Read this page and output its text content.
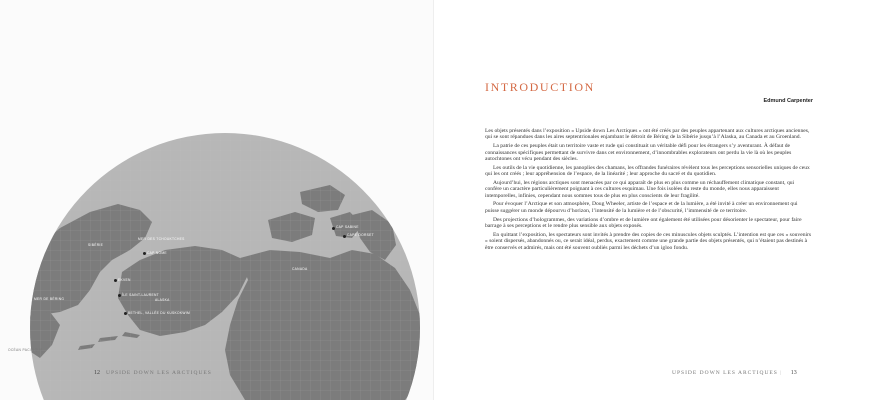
SIBÉRIE
MER DES TCHOUKTCHES
CAP NOME
EKVEN
ÎLE SAINT-LAURENT
MER DE BÉRING	ALASKA
BETHEL, VALLÉE DU KUSKOKWIM
CANADA
CAP SABINE
CAPE DORSET
OCÉAN PACIFIQUE
12 UPSIDE DOWN LES ARCTIQUES
INTRODUCTION
Edmund Carpenter

Les objets présentés dans l’exposition « Upside down Les Arctiques » ont été créés par des peuples appartenant aux cultures arctiques anciennes, qui se sont répandues dans les aires septentrionales enjambant le détroit de Béring de la Sibérie jusqu’à l’Alaska, au Canada et au Groenland.

La patrie de ces peuples était un territoire vaste et rude qui constituait un véritable défi pour les étrangers s’y aventurant. À défaut de connaissances spécifiques permettant de survivre dans cet environnement, d’innombrables explorateurs ont perdu la vie là où les peuples autochtones ont vécu pendant des siècles.

Les outils de la vie quotidienne, les panoplies des chamans, les offrandes funéraires révèlent tous les perceptions sensorielles uniques de ceux qui les ont créés ; leur appréhension de l’espace, de la linéarité ; leur approche du sacré et du quotidien.

Aujourd’hui, les régions arctiques sont menacées par ce qui apparaît de plus en plus comme un réchauffement climatique constant, qui confère un caractère particulièrement poignant à ces cultures esquimau. Une fois isolées du reste du monde, elles nous apparaissent intemporelles, infinies, cependant nous sommes tous de plus en plus conscients de leur fragilité.

Pour évoquer l’Arctique et son atmosphère, Doug Wheeler, artiste de l’espace et de la lumière, a été invité à créer un environnement qui puisse suggérer un monde dépourvu d’horizon, l’intensité de la lumière et de l’obscurité, l’immensité de ce territoire.

Des projections d’hologrammes, des variations d’ombre et de lumière ont également été utilisées pour désorienter le spectateur, pour faire barrage à ses perceptions et le rendre plus sensible aux objets exposés.

En quittant l’exposition, les spectateurs sont invités à prendre des copies de ces minuscules objets sculptés. L’intention est que ces « souvenirs » soient dispersés, abandonnés ou, ce serait idéal, perdus, exactement comme une grande partie des objets présentés, qui n’étaient pas destinés à être conservés et admirés, mais ont été souvent oubliés parmi les déchets d’un igloo fondu.

UPSIDE DOWN LES ARCTIQUES | 13
